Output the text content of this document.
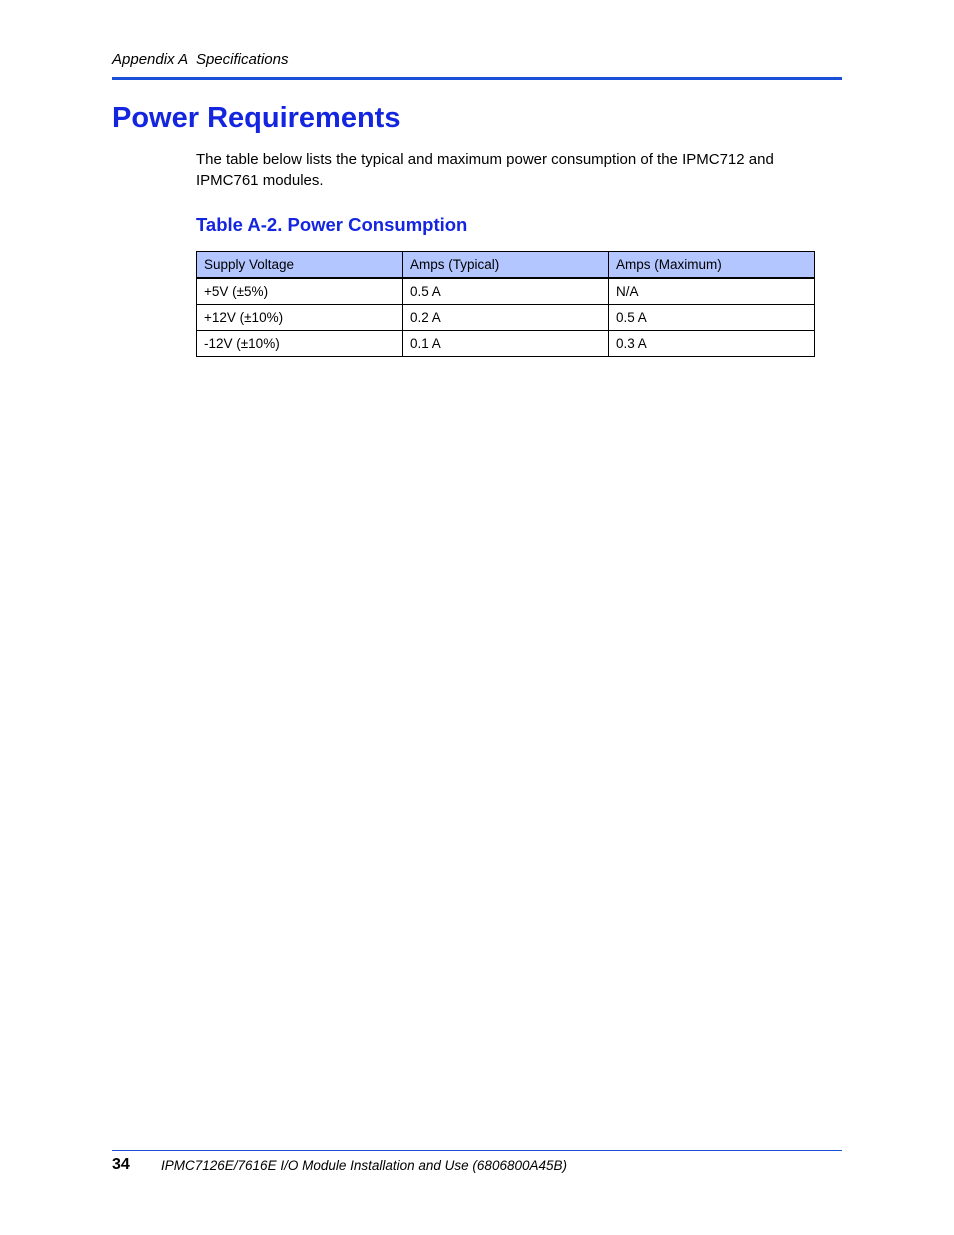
Appendix A  Specifications
Power Requirements

The table below lists the typical and maximum power consumption of the IPMC712 and IPMC761 modules.

Table A-2. Power Consumption
Supply Voltage	Amps (Typical)	Amps (Maximum)
+5V (±5%)	0.5 A	N/A
+12V (±10%)	0.2 A	0.5 A
-12V (±10%)	0.1 A	0.3 A
34 IPMC7126E/7616E I/O Module Installation and Use (6806800A45B)
